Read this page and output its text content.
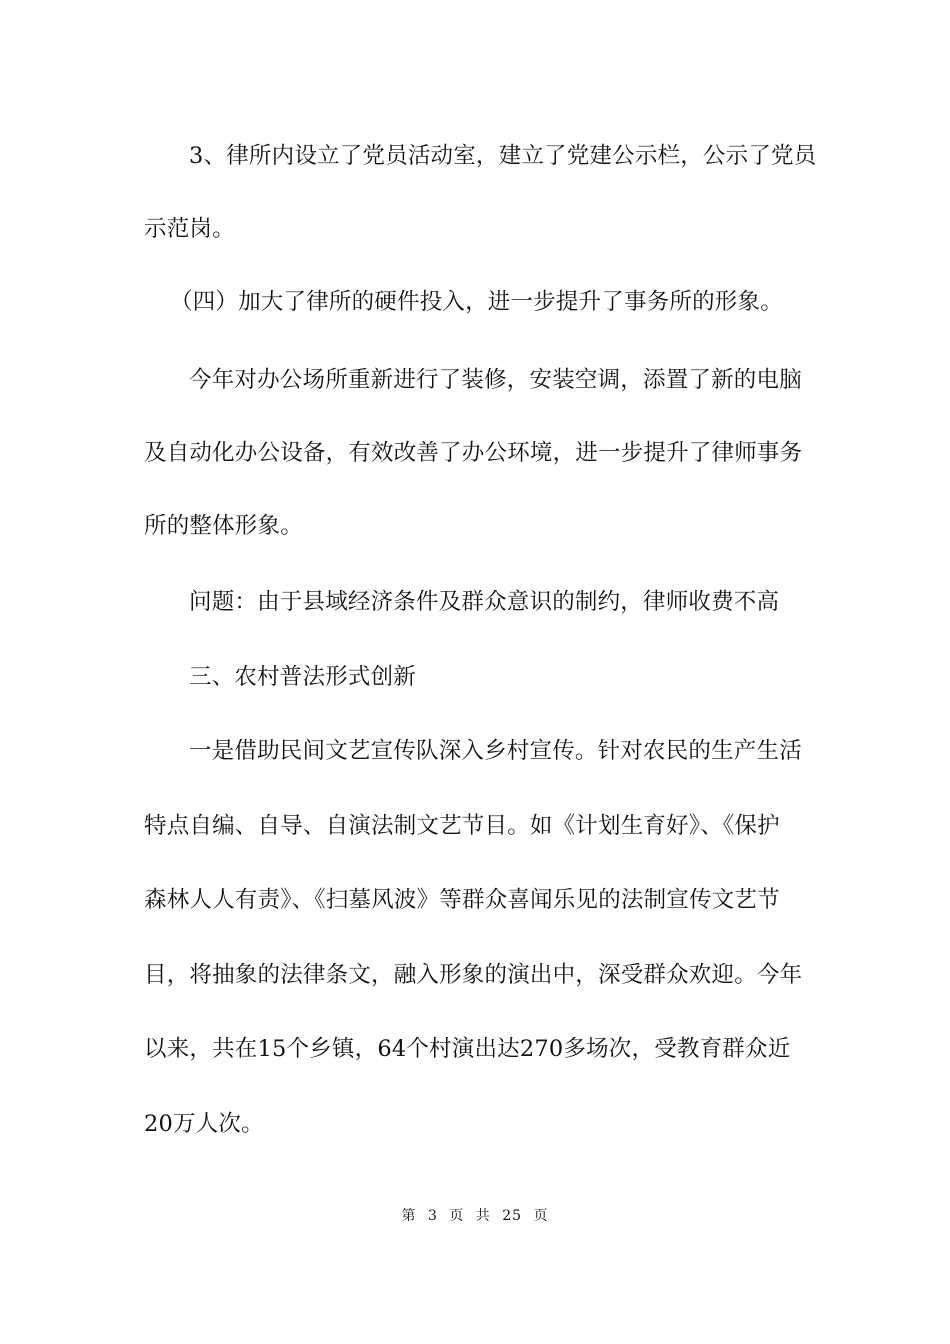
3、律所内设立了党员活动室，建立了党建公示栏，公示了党员
示范岗。
（四）加大了律所的硬件投入，进一步提升了事务所的形象。
今年对办公场所重新进行了装修，安装空调，添置了新的电脑
及自动化办公设备，有效改善了办公环境，进一步提升了律师事务
所的整体形象。
问题：由于县域经济条件及群众意识的制约，律师收费不高
三、农村普法形式创新
一是借助民间文艺宣传队深入乡村宣传。针对农民的生产生活
特点自编、自导、自演法制文艺节目。如《计划生育好》、《保护
森林人人有责》、《扫墓风波》等群众喜闻乐见的法制宣传文艺节
目，将抽象的法律条文，融入形象的演出中，深受群众欢迎。今年
以来，共在15个乡镇，64个村演出达270多场次，受教育群众近
20万人次。
第 3 页 共 25 页
